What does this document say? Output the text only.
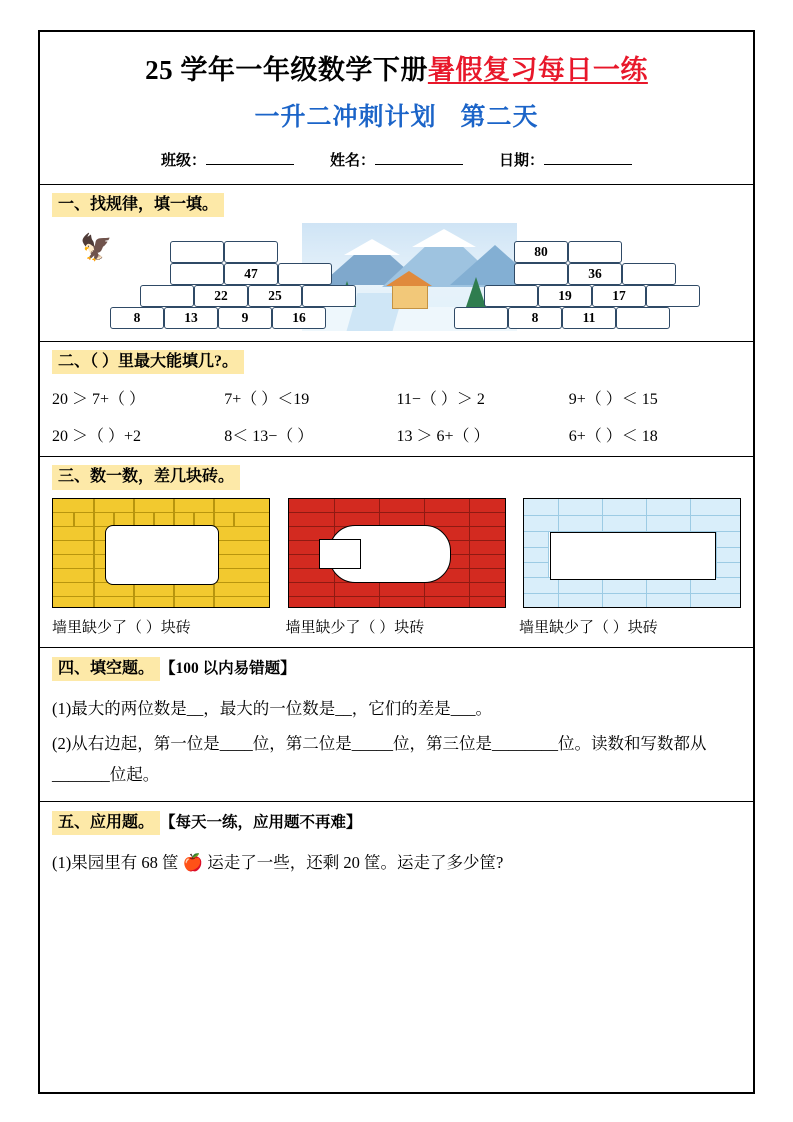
25 学年一年级数学下册暑假复习每日一练
一升二冲刺计划 第二天
班级：	姓名：	日期：
一、找规律，填一填。
🦅
47
22	25
8	13	9	16
80
36
19	17
8	11
二、（ ）里最大能填几?。
20 ＞ 7+（ ）	7+（ ）＜19	11−（ ）＞ 2	9+（ ）＜ 15
20 ＞（ ）+2	8＜ 13−（ ）	13 ＞ 6+（ ）	6+（ ）＜ 18
三、数一数，差几块砖。
墙里缺少了（ ）块砖	墙里缺少了（ ）块砖	墙里缺少了（ ）块砖
四、填空题。 【100 以内易错题】
(1)最大的两位数是__，最大的一位数是__，它们的差是___。
(2)从右边起，第一位是____位，第二位是_____位，第三位是________位。读数和写数都从_______位起。
五、应用题。 【每天一练，应用题不再难】
(1)果园里有 68 筐 🍎 运走了一些，还剩 20 筐。运走了多少筐?
